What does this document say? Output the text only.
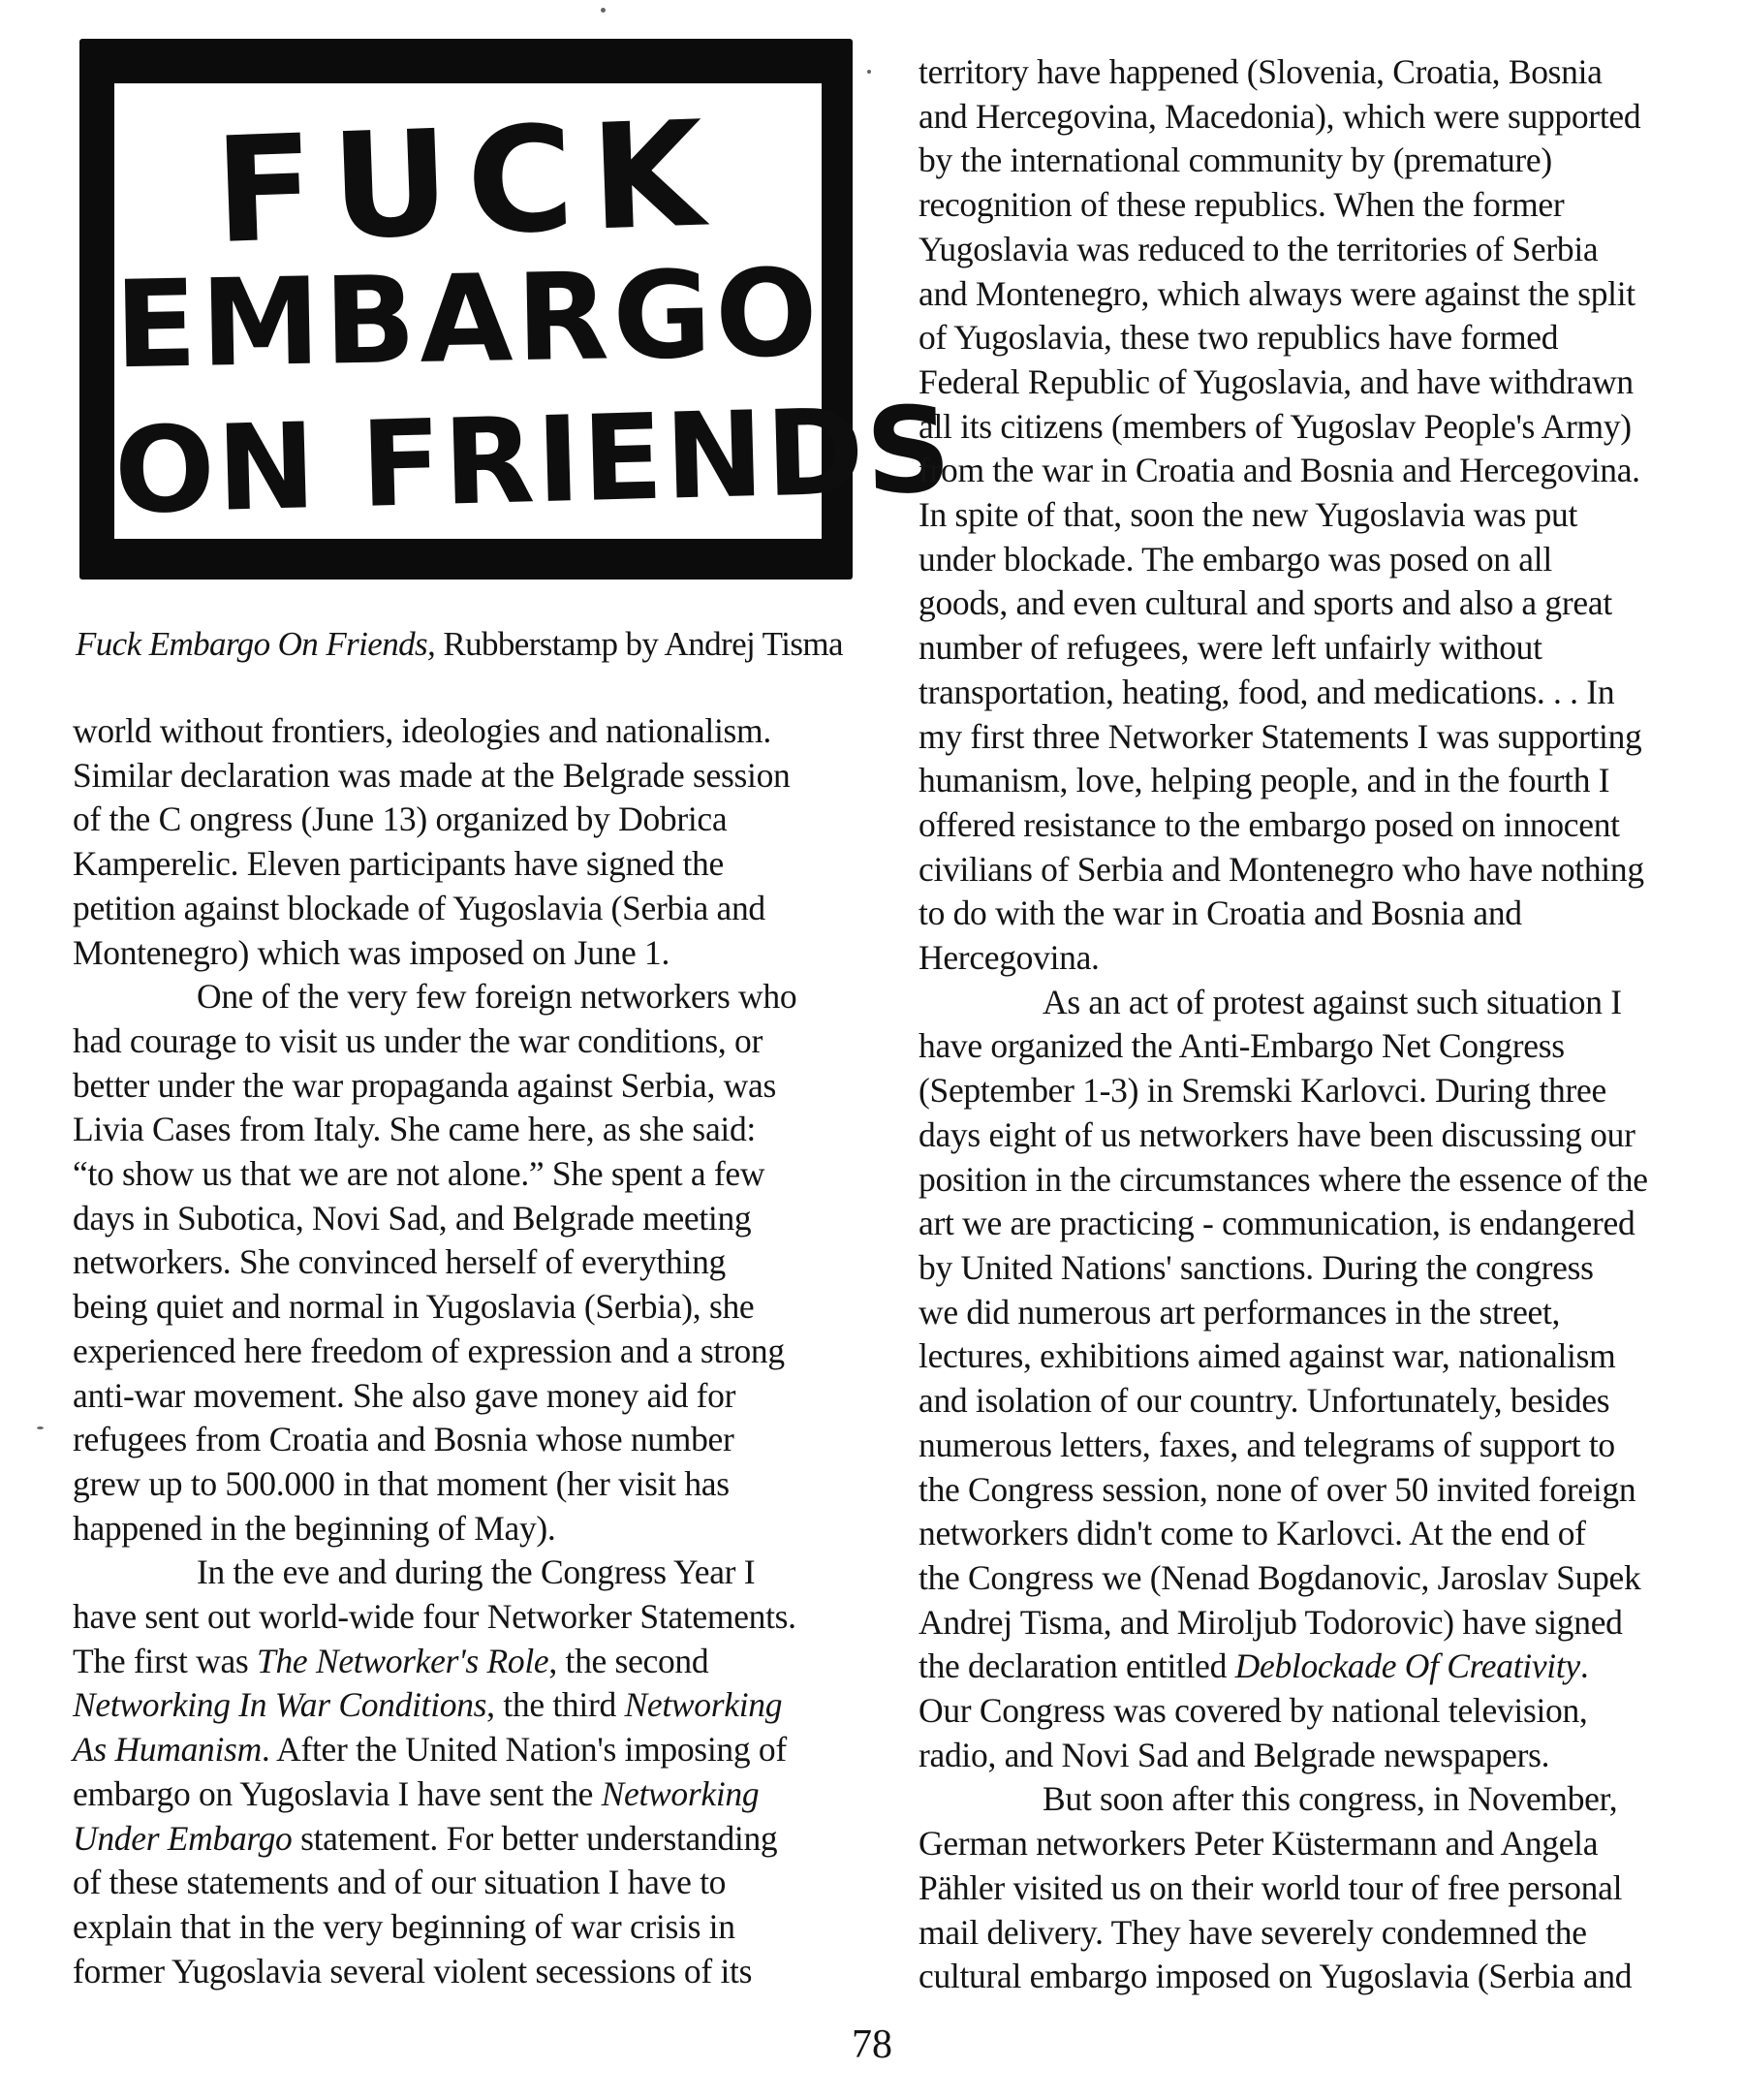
FUCK
EMBARGO
ON FRIENDS
Fuck Embargo On Friends, Rubberstamp by Andrej Tisma

world without frontiers, ideologies and nationalism.
Similar declaration was made at the Belgrade session
of the C ongress (June 13) organized by Dobrica
Kamperelic. Eleven participants have signed the
petition against blockade of Yugoslavia (Serbia and
Montenegro) which was imposed on June 1.

One of the very few foreign networkers who
had courage to visit us under the war conditions, or
better under the war propaganda against Serbia, was
Livia Cases from Italy. She came here, as she said:
“to show us that we are not alone.” She spent a few
days in Subotica, Novi Sad, and Belgrade meeting
networkers. She convinced herself of everything
being quiet and normal in Yugoslavia (Serbia), she
experienced here freedom of expression and a strong
anti-war movement. She also gave money aid for
refugees from Croatia and Bosnia whose number
grew up to 500.000 in that moment (her visit has
happened in the beginning of May).

In the eve and during the Congress Year I
have sent out world-wide four Networker Statements.
The first was The Networker's Role, the second
Networking In War Conditions, the third Networking
As Humanism. After the United Nation's imposing of
embargo on Yugoslavia I have sent the Networking
Under Embargo statement. For better understanding
of these statements and of our situation I have to
explain that in the very beginning of war crisis in
former Yugoslavia several violent secessions of its

territory have happened (Slovenia, Croatia, Bosnia
and Hercegovina, Macedonia), which were supported
by the international community by (premature)
recognition of these republics. When the former
Yugoslavia was reduced to the territories of Serbia
and Montenegro, which always were against the split
of Yugoslavia, these two republics have formed
Federal Republic of Yugoslavia, and have withdrawn
all its citizens (members of Yugoslav People's Army)
from the war in Croatia and Bosnia and Hercegovina.
In spite of that, soon the new Yugoslavia was put
under blockade. The embargo was posed on all
goods, and even cultural and sports and also a great
number of refugees, were left unfairly without
transportation, heating, food, and medications. . . In
my first three Networker Statements I was supporting
humanism, love, helping people, and in the fourth I
offered resistance to the embargo posed on innocent
civilians of Serbia and Montenegro who have nothing
to do with the war in Croatia and Bosnia and
Hercegovina.

As an act of protest against such situation I
have organized the Anti-Embargo Net Congress
(September 1-3) in Sremski Karlovci. During three
days eight of us networkers have been discussing our
position in the circumstances where the essence of the
art we are practicing - communication, is endangered
by United Nations' sanctions. During the congress
we did numerous art performances in the street,
lectures, exhibitions aimed against war, nationalism
and isolation of our country. Unfortunately, besides
numerous letters, faxes, and telegrams of support to
the Congress session, none of over 50 invited foreign
networkers didn't come to Karlovci. At the end of
the Congress we (Nenad Bogdanovic, Jaroslav Supek
Andrej Tisma, and Miroljub Todorovic) have signed
the declaration entitled Deblockade Of Creativity.
Our Congress was covered by national television,
radio, and Novi Sad and Belgrade newspapers.

But soon after this congress, in November,
German networkers Peter Küstermann and Angela
Pähler visited us on their world tour of free personal
mail delivery. They have severely condemned the
cultural embargo imposed on Yugoslavia (Serbia and

78
